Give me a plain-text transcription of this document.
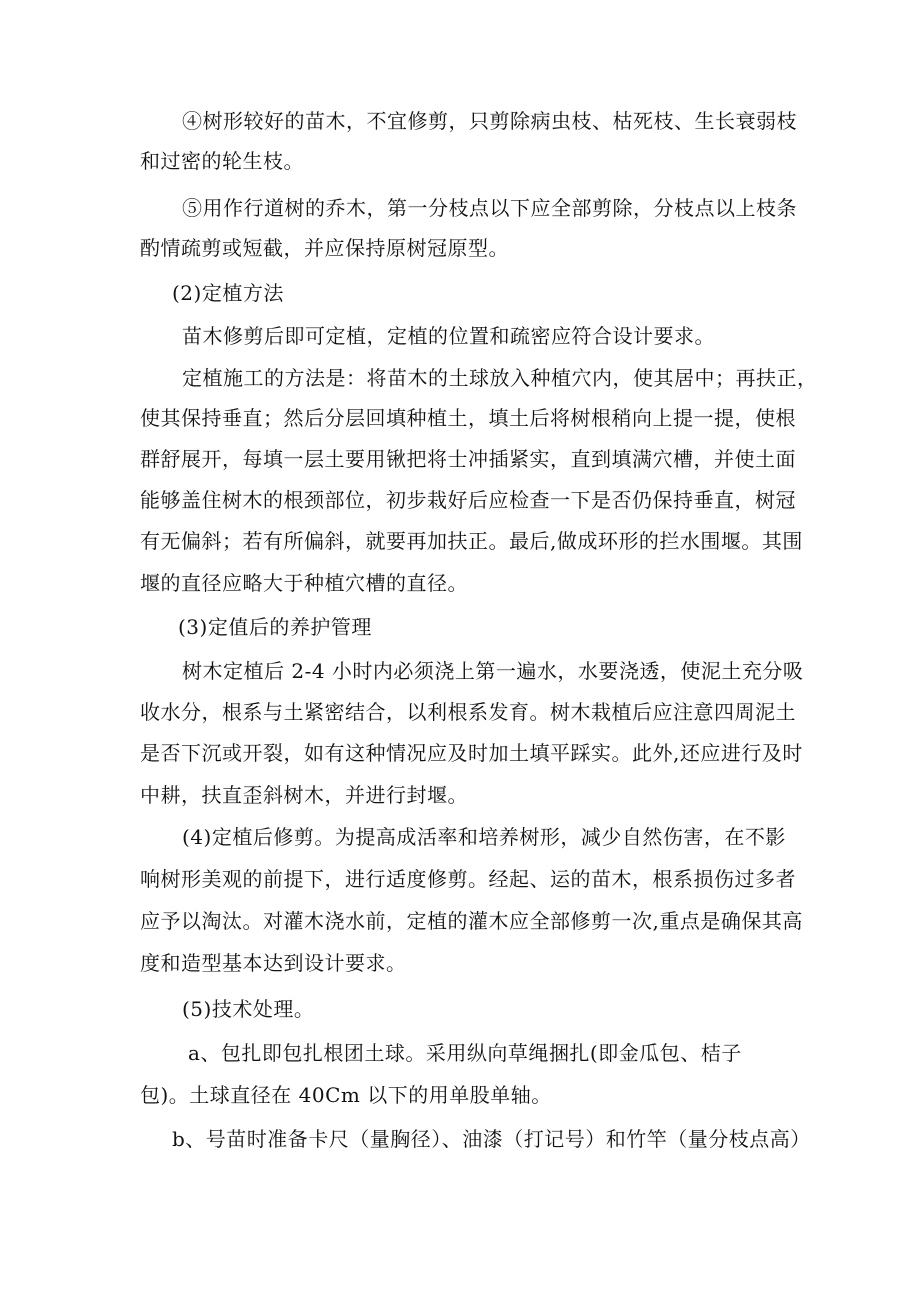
④树形较好的苗木，不宜修剪，只剪除病虫枝、枯死枝、生长衰弱枝
和过密的轮生枝。
⑤用作行道树的乔木，第一分枝点以下应全部剪除，分枝点以上枝条
酌情疏剪或短截，并应保持原树冠原型。
(2)定植方法
苗木修剪后即可定植，定植的位置和疏密应符合设计要求。
定植施工的方法是：将苗木的土球放入种植穴内，使其居中；再扶正，
使其保持垂直；然后分层回填种植土，填土后将树根稍向上提一提，使根
群舒展开，每填一层土要用锹把将士冲插紧实，直到填满穴槽，并使土面
能够盖住树木的根颈部位，初步栽好后应检查一下是否仍保持垂直，树冠
有无偏斜；若有所偏斜，就要再加扶正。最后,做成环形的拦水围堰。其围
堰的直径应略大于种植穴槽的直径。
(3)定值后的养护管理
树木定植后 2-4 小时内必须浇上第一遍水，水要浇透，使泥土充分吸
收水分，根系与土紧密结合，以利根系发育。树木栽植后应注意四周泥土
是否下沉或开裂，如有这种情况应及时加土填平踩实。此外,还应进行及时
中耕，扶直歪斜树木，并进行封堰。
(4)定植后修剪。为提高成活率和培养树形，减少自然伤害，在不影
响树形美观的前提下，进行适度修剪。经起、运的苗木，根系损伤过多者
应予以淘汰。对灌木浇水前，定植的灌木应全部修剪一次,重点是确保其高
度和造型基本达到设计要求。
(5)技术处理。
a、包扎即包扎根团土球。采用纵向草绳捆扎(即金瓜包、桔子
包)。土球直径在 40Cm 以下的用单股单轴。
b、号苗时准备卡尺（量胸径）、油漆（打记号）和竹竿（量分枝点高）
